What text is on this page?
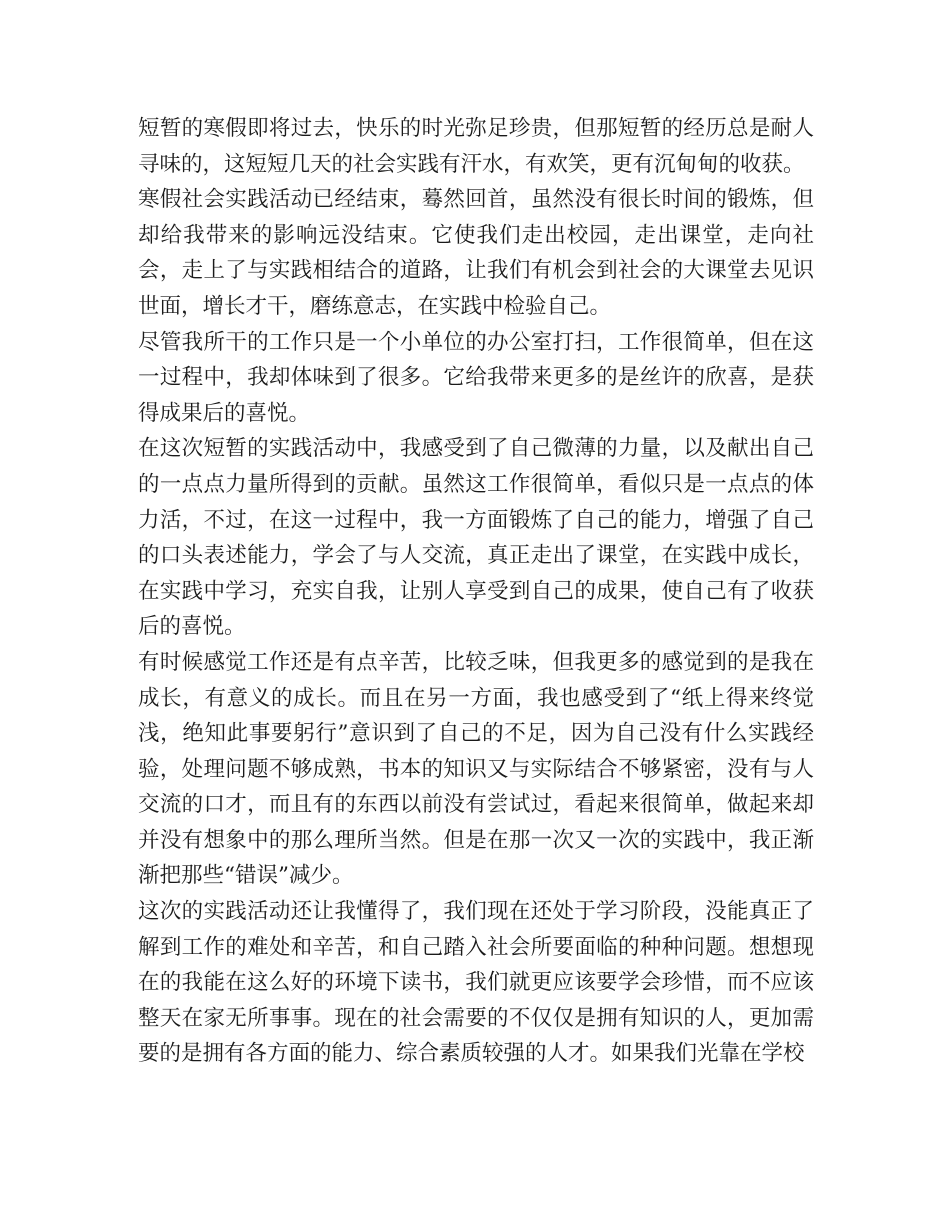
短暂的寒假即将过去，快乐的时光弥足珍贵，但那短暂的经历总是耐人寻味的，这短短几天的社会实践有汗水，有欢笑，更有沉甸甸的收获。

寒假社会实践活动已经结束，蓦然回首，虽然没有很长时间的锻炼，但却给我带来的影响远没结束。它使我们走出校园，走出课堂，走向社会，走上了与实践相结合的道路，让我们有机会到社会的大课堂去见识世面，增长才干，磨练意志，在实践中检验自己。

尽管我所干的工作只是一个小单位的办公室打扫，工作很简单，但在这一过程中，我却体味到了很多。它给我带来更多的是丝许的欣喜，是获得成果后的喜悦。

在这次短暂的实践活动中，我感受到了自己微薄的力量，以及献出自己的一点点力量所得到的贡献。虽然这工作很简单，看似只是一点点的体力活，不过，在这一过程中，我一方面锻炼了自己的能力，增强了自己的口头表述能力，学会了与人交流，真正走出了课堂，在实践中成长，在实践中学习，充实自我，让别人享受到自己的成果，使自己有了收获后的喜悦。

有时候感觉工作还是有点辛苦，比较乏味，但我更多的感觉到的是我在成长，有意义的成长。而且在另一方面，我也感受到了“纸上得来终觉浅，绝知此事要躬行”意识到了自己的不足，因为自己没有什么实践经验，处理问题不够成熟，书本的知识又与实际结合不够紧密，没有与人交流的口才，而且有的东西以前没有尝试过，看起来很简单，做起来却并没有想象中的那么理所当然。但是在那一次又一次的实践中，我正渐渐把那些“错误”减少。

这次的实践活动还让我懂得了，我们现在还处于学习阶段，没能真正了解到工作的难处和辛苦，和自己踏入社会所要面临的种种问题。想想现在的我能在这么好的环境下读书，我们就更应该要学会珍惜，而不应该整天在家无所事事。现在的社会需要的不仅仅是拥有知识的人，更加需要的是拥有各方面的能力、综合素质较强的人才。如果我们光靠在学校
